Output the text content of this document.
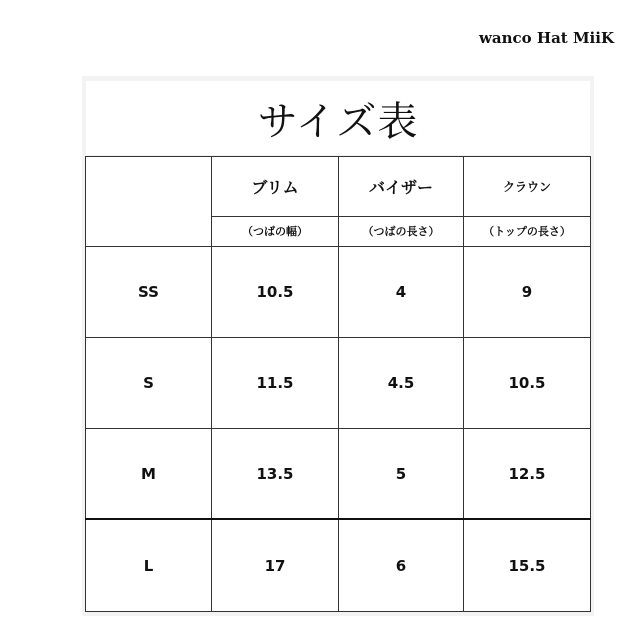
wanco Hat MiiK
サイズ表
	ブリム	バイザー	クラウン
	（つばの幅）	（つばの長さ）	（トップの長さ）
SS	10.5	4	9
S	11.5	4.5	10.5
M	13.5	5	12.5
L	17	6	15.5
